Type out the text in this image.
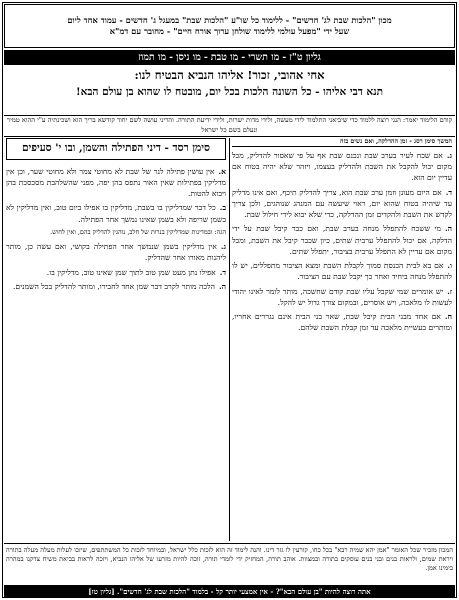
מכון "הלכות שבת לג' חדשים" - ללימוד כל שו"ע "הלכות שבת" במעגל ג' חדשים - עמוד אחד ליום
שעל ידי "מפעל עולמי ללימוד שולחן ערוך אורח חיים" - מחובר עם דמ"א
גליון ט"ז
-
מו תשרי
-
מו טבת
-
מו ניסן
-
מו תמוז
אחי אהובי, זכור! אליהו הנביא הבטיח לנו:
תנא דבי אליהו - כל השונה הלכות בכל יום, מובטח לו שהוא בן עולם הבא!
קודם הלימוד יאמר: הנני רוצה ללמוד כדי שיביאני התלמוד לידי מעשה, ולידי מדות ישרות, ולידי ידיעת התורה. והריני עושה לשם יחוד קודשא בריך הוא ושכינתיה ע"י ההוא טמיר ונעלם בשם כל ישראל
המשך סימן רסג - זמן ההדלקה, ואם נשים בזה
ג.אם שכח לעיר בערב שבת ונכנס שבת אף על פי שאסור להדליק, מכל מקום יכול להקבל את השבת ולהדליק בעצמו, ויזהר שלא יהיה בטוח אם עדיין יום הוא.
ד.אם היום מעונן וזמן ערב שבת הוא, צריך להדליק תיכף, ואם אינו מדליק עד שיהיה בטוח שהוא יום, ראוי שיעשה עם המנהג שנוהגים, ולכן צריך לקדש את השבת ולהקדים זמן ההדלקה, כדי שלא יבוא לידי חילול שבת.
ה.מי ששכח להתפלל מנחה בערב שבת, ואם כבר קיבל שבת על ידי הדלקה, אם יכול להתפלל ערבית שתים, כיון שכבר קיבל את השבת, ומכל מקום אם עדיין לא התפלל ערבית בציבור, יתפלל שתים.
ו.אם בא לבית הכנסת סמוך לקבלת השבת ומצא הציבור מתפללים, יש לו להתפלל מנחה ביחיד ואחר כך יקבל שבת עם הציבור.
ז.יש אומרים שמי שקבל עליו שבת קודם שחשכה, מותר לומר לאינו יהודי לעשות לו מלאכה, ויש אוסרים, ובמקום צורך גדול יש להקל.
ח.אם אחד מבני הבית קיבל שבת, שאר בני הבית אינם נגררים אחריו, ומותרים בעשיית מלאכה עד זמן קבלת השבת שלהם.
סימן רסד - דיני הפתילה והשמן, ובו י' סעיפים
א.אין עושין פתילה לנר של שבת לא מחוטי צמר ולא מחוטי שער, וכן אין מדליקין בפתילות שאין האור נתפס בהן יפה, מפני שהשלהבת מסכסכת בהן ויבוא להטות.
ב.כל דבר שמדליקין בו בשבת, מדליקין בו אפילו ביום טוב, ואין מדליקין לא בשמן שריפה ולא בשמן שאינו נמשך אחר הפתילה.
הגה: ובמדינות שמדליקין בנרות של חלב, נוהגין להדליק בהם, ואין לחוש.
ג.אין מדליקין בשמן שנמשך אחר הפתילה בקושי, ואם עשה כן, מותר ליהנות מאורו אחר שהדליק.
ד.אפילו נתן מעט שמן טוב לתוך שמן שאינו טוב, מדליקין בו.
ה.הלכה מותר לקרב דבר שמן אחד לחבירו, ומותר להדליק בכל השמנים.
המכון מזכיר שכל האומר "אמן יהא שמיה רבא" בכל כחו, קורעין לו גזר דינו. והנה לימוד זה הוא לזכות כלל ישראל, ובמיוחד לזכות כל המשתתפים, שיזכו לעלות מעלה מעלה בתורה ויראת שמים, ולראות בנים ובני בנים עוסקים בתורה ובמצוות. אוהב תורה, המחזיק ידי לומדי תורה, זוכה להיות מזרעו של אליהו הנביא, ויזכה לראות בביאת משיח צדקנו במהרה בימינו אמן.
אתה רוצה להיות "בן עולם הבא"? - אין אמצעי יותר קל - בלמוד "הלכות שבת לג' חדשים". [גליון טז]
